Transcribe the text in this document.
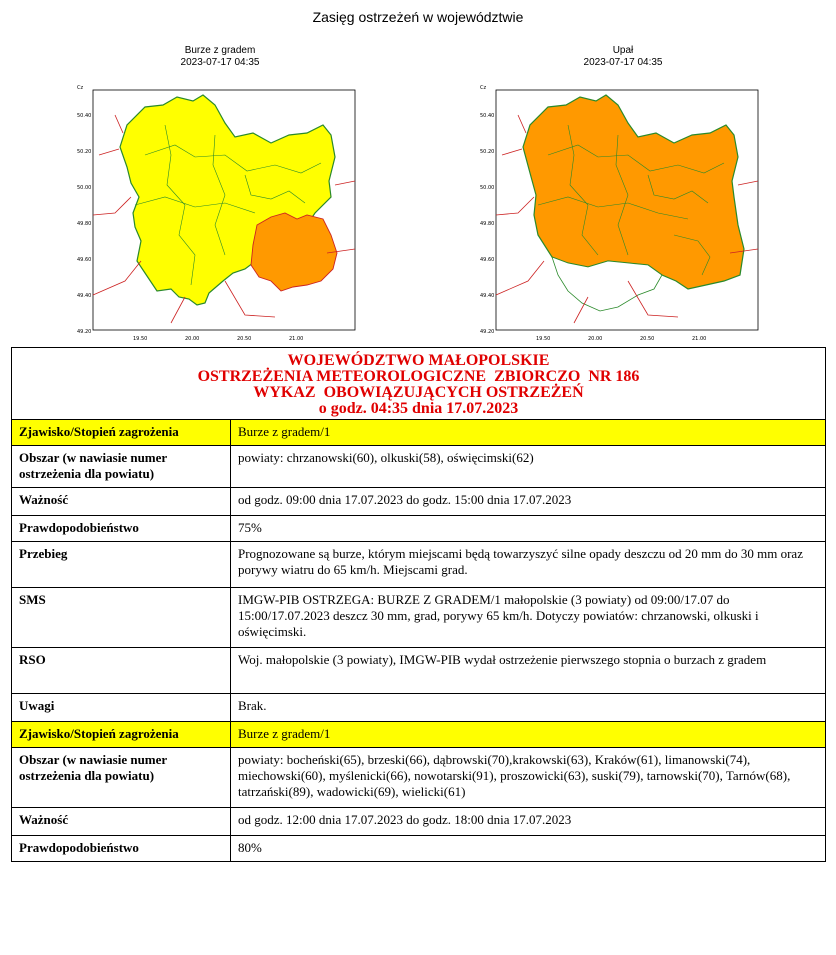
Zasięg ostrzeżeń w województwie
Burze z gradem
2023-07-17 04:35
Cz
50.40
50.20
50.00
49.80
49.60
49.40
49.20
19.50	20.00	20.50	21.00
Upał
2023-07-17 04:35
Cz
50.40
50.20
50.00
49.80
49.60
49.40
49.20
19.50	20.00	20.50	21.00
WOJEWÓDZTWO MAŁOPOLSKIE
OSTRZEŻENIA METEOROLOGICZNE  ZBIORCZO  NR 186
WYKAZ  OBOWIĄZUJĄCYCH OSTRZEŻEŃ
o godz. 04:35 dnia 17.07.2023	

Zjawisko/Stopień zagrożenia	Burze z gradem/1
Obszar (w nawiasie numer ostrzeżenia dla powiatu)	powiaty: chrzanowski(60), olkuski(58), oświęcimski(62)
Ważność	od godz. 09:00 dnia 17.07.2023 do godz. 15:00 dnia 17.07.2023
Prawdopodobieństwo	75%
Przebieg	Prognozowane są burze, którym miejscami będą towarzyszyć silne opady deszczu od 20 mm do 30 mm oraz porywy wiatru do 65 km/h. Miejscami grad.
SMS	IMGW-PIB OSTRZEGA: BURZE Z GRADEM/1 małopolskie (3 powiaty) od 09:00/17.07 do 15:00/17.07.2023 deszcz 30 mm, grad, porywy 65 km/h. Dotyczy powiatów: chrzanowski, olkuski i oświęcimski.
RSO	Woj. małopolskie (3 powiaty), IMGW-PIB wydał ostrzeżenie pierwszego stopnia o burzach z gradem
Uwagi	Brak.
Zjawisko/Stopień zagrożenia	Burze z gradem/1
Obszar (w nawiasie numer ostrzeżenia dla powiatu)	powiaty: bocheński(65), brzeski(66), dąbrowski(70),krakowski(63), Kraków(61), limanowski(74), miechowski(60), myślenicki(66), nowotarski(91), proszowicki(63), suski(79), tarnowski(70), Tarnów(68), tatrzański(89), wadowicki(69), wielicki(61)
Ważność	od godz. 12:00 dnia 17.07.2023 do godz. 18:00 dnia 17.07.2023
Prawdopodobieństwo	80%
